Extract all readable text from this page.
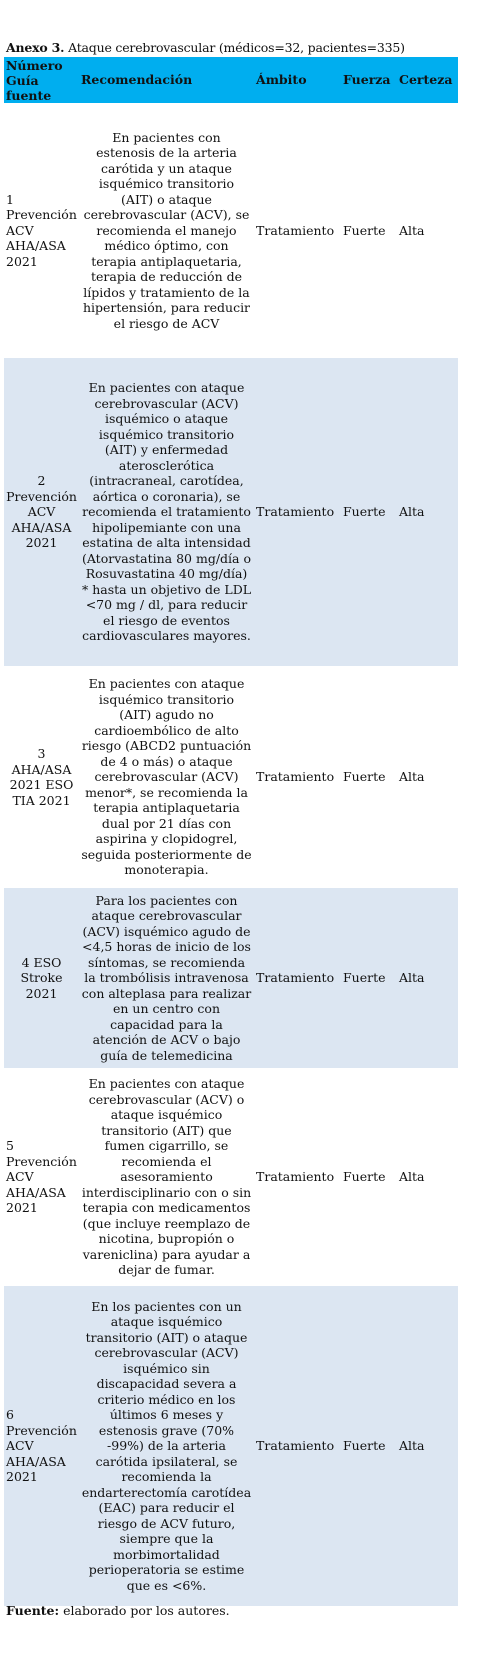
Anexo 3. Ataque cerebrovascular (médicos=32, pacientes=335)
Número Guía fuente	Recomendación	Ámbito	Fuerza	Certeza
1 Prevención ACV AHA/ASA 2021	En pacientes con estenosis de la arteria carótida y un ataque isquémico transitorio (AIT) o ataque cerebrovascular (ACV), se recomienda el manejo médico óptimo, con terapia antiplaquetaria, terapia de reducción de lípidos y tratamiento de la hipertensión, para reducir el riesgo de ACV	Tratamiento	Fuerte	Alta
2 Prevención ACV AHA/ASA 2021	En pacientes con ataque cerebrovascular (ACV) isquémico o ataque isquémico transitorio (AIT) y enfermedad aterosclerótica (intracraneal, carotídea, aórtica o coronaria), se recomienda el tratamiento hipolipemiante con una estatina de alta intensidad (Atorvastatina 80 mg/día o Rosuvastatina 40 mg/día) * hasta un objetivo de LDL <70 mg / dl, para reducir el riesgo de eventos cardiovasculares mayores.	Tratamiento	Fuerte	Alta
3 AHA/ASA 2021 ESO TIA 2021	En pacientes con ataque isquémico transitorio (AIT) agudo no cardioembólico de alto riesgo (ABCD2 puntuación de 4 o más) o ataque cerebrovascular (ACV) menor*, se recomienda la terapia antiplaquetaria dual por 21 días con aspirina y clopidogrel, seguida posteriormente de monoterapia.	Tratamiento	Fuerte	Alta
4 ESO Stroke 2021	Para los pacientes con ataque cerebrovascular (ACV) isquémico agudo de <4,5 horas de inicio de los síntomas, se recomienda la trombólisis intravenosa con alteplasa para realizar en un centro con capacidad para la atención de ACV o bajo guía de telemedicina	Tratamiento	Fuerte	Alta
5 Prevención ACV AHA/ASA 2021	En pacientes con ataque cerebrovascular (ACV) o ataque isquémico transitorio (AIT) que fumen cigarrillo, se recomienda el asesoramiento interdisciplinario con o sin terapia con medicamentos (que incluye reemplazo de nicotina, bupropión o vareniclina) para ayudar a dejar de fumar.	Tratamiento	Fuerte	Alta
6 Prevención ACV AHA/ASA 2021	En los pacientes con un ataque isquémico transitorio (AIT) o ataque cerebrovascular (ACV) isquémico sin discapacidad severa a criterio médico en los últimos 6 meses y estenosis grave (70% -99%) de la arteria carótida ipsilateral, se recomienda la endarterectomía carotídea (EAC) para reducir el riesgo de ACV futuro, siempre que la morbimortalidad perioperatoria se estime que es <6%.	Tratamiento	Fuerte	Alta
Fuente: elaborado por los autores.
